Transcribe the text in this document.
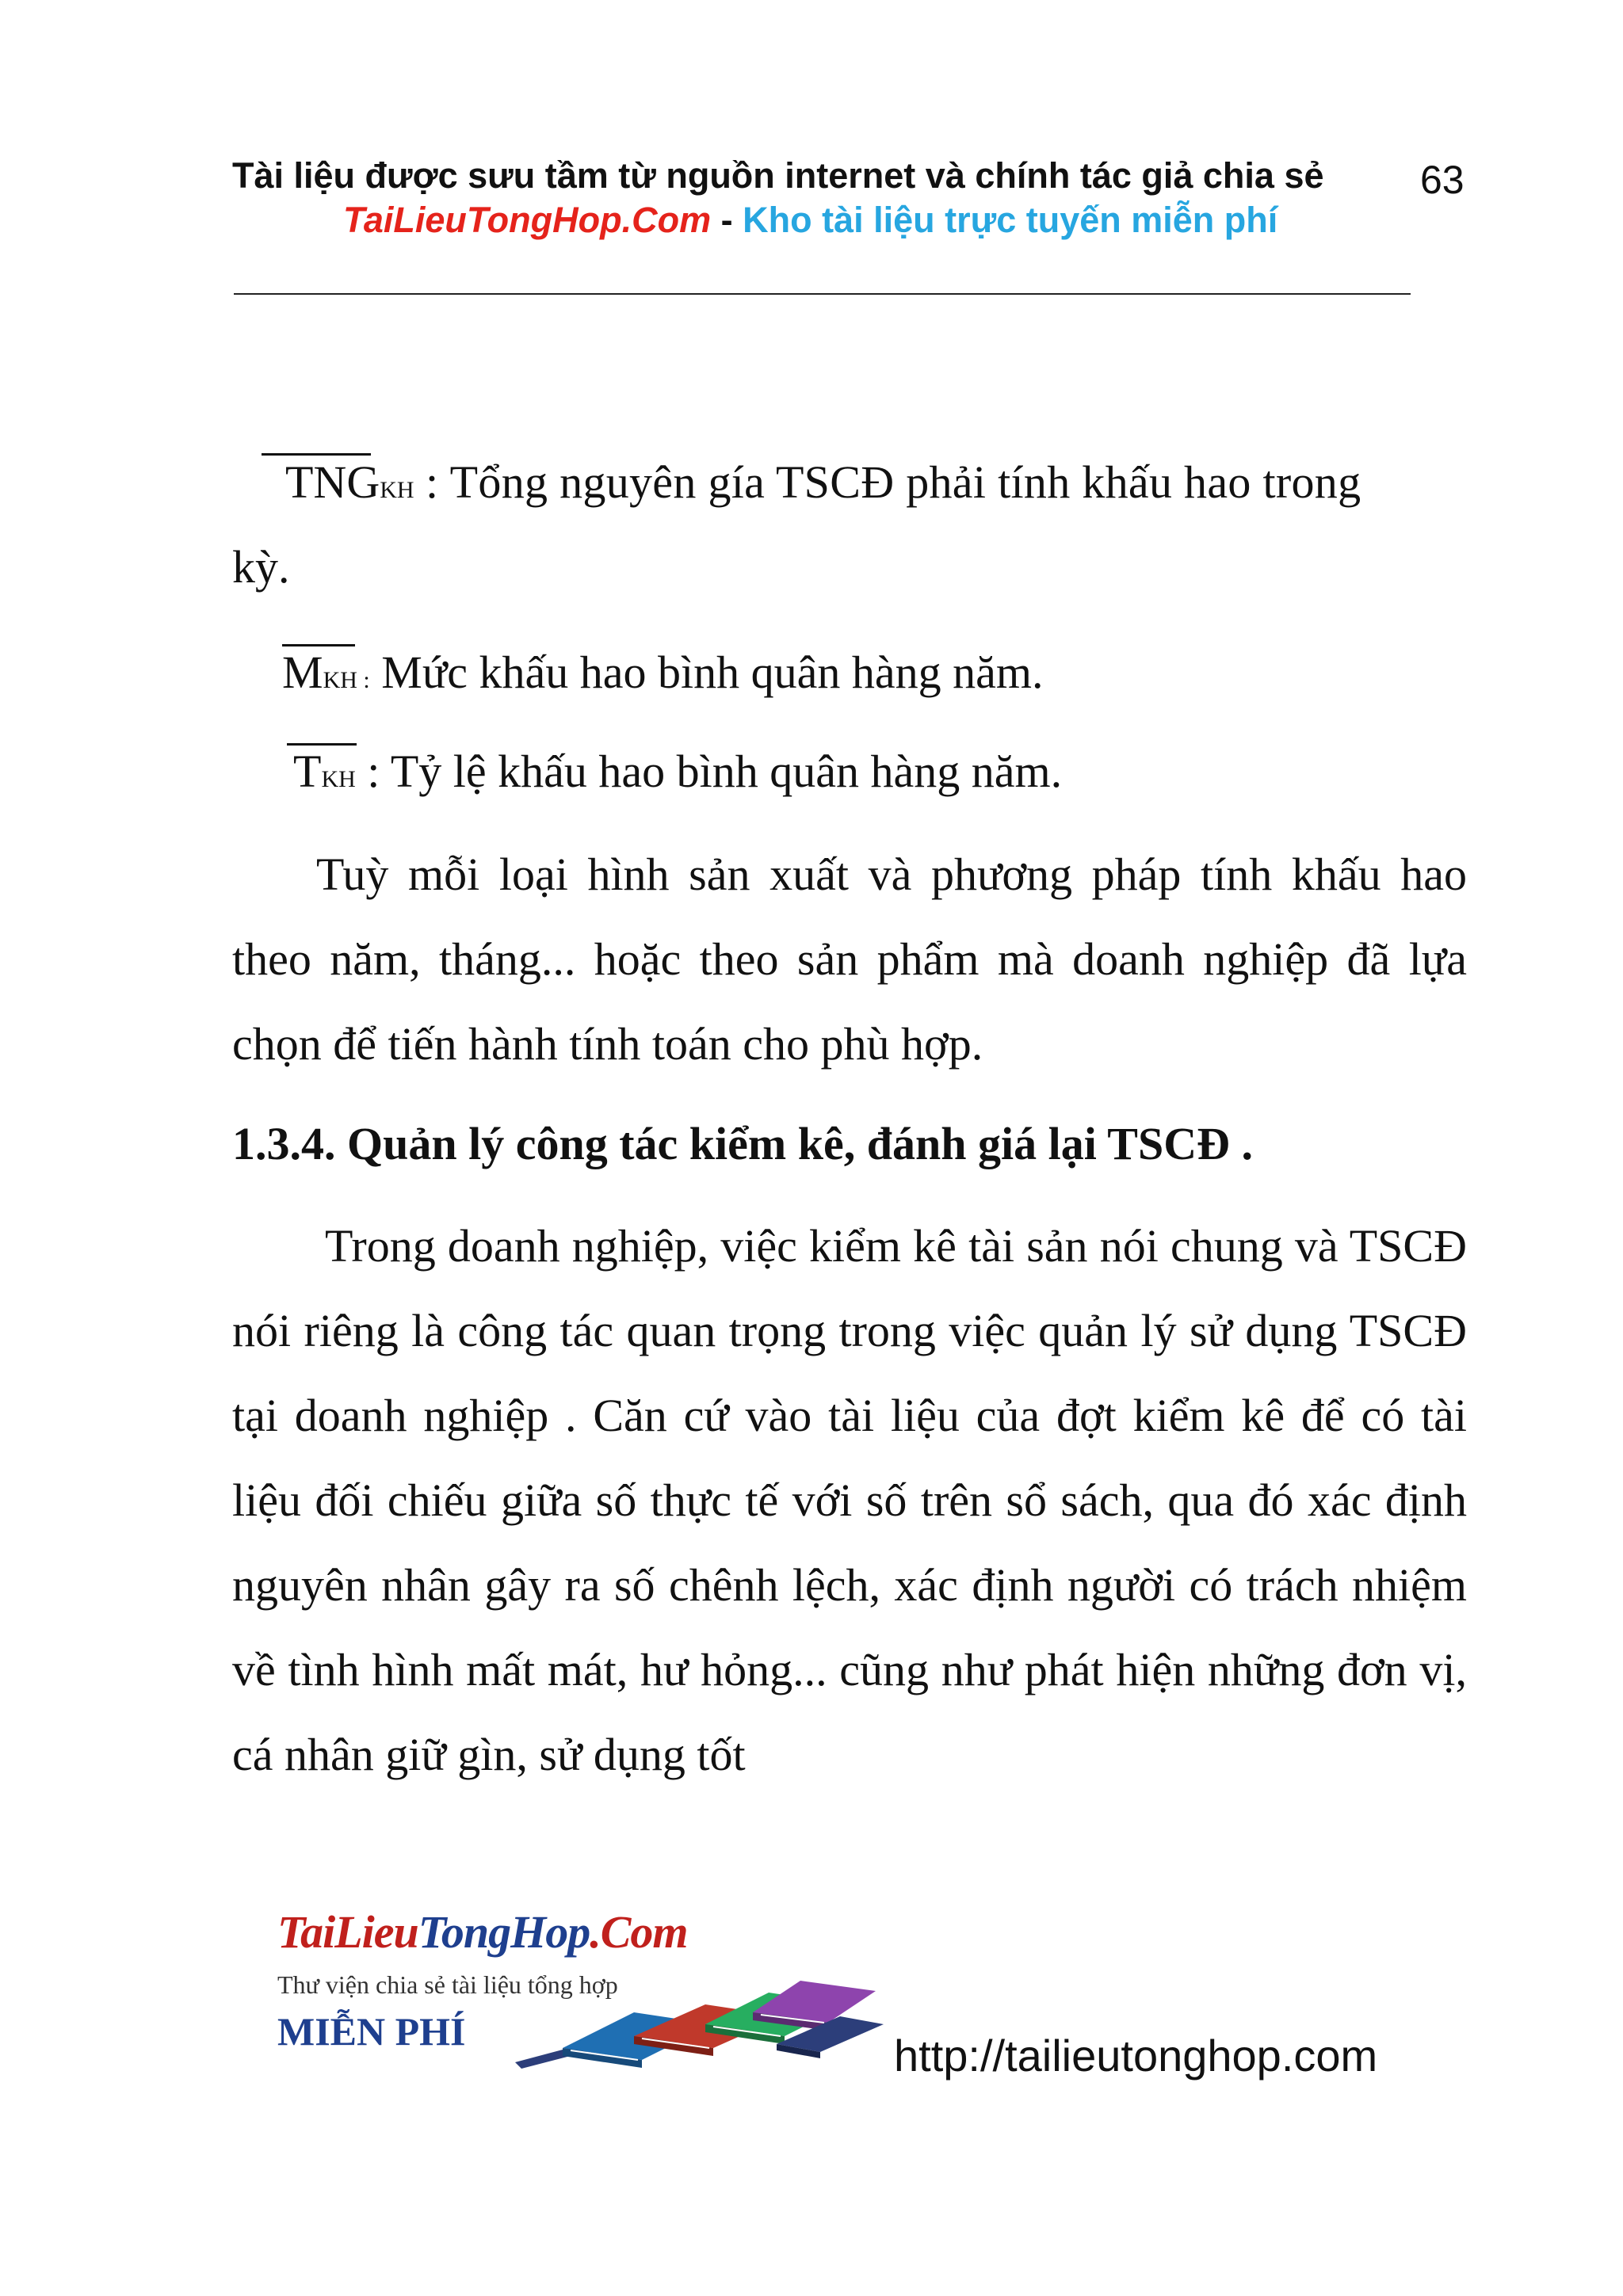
Tài liệu được sưu tầm từ nguồn internet và chính tác giả chia sẻ 63
TaiLieuTongHop.Com - Kho tài liệu trực tuyến miễn phí
TNGKH : Tổng nguyên gía TSCĐ phải tính khấu hao trong
kỳ.
MKH : Mức khấu hao bình quân hàng năm.
TKH : Tỷ lệ khấu hao bình quân hàng năm.

Tuỳ mỗi loại hình sản xuất và phương pháp tính khấu hao theo năm, tháng... hoặc theo sản phẩm mà doanh nghiệp đã lựa chọn để tiến hành tính toán cho phù hợp.

1.3.4. Quản lý công tác kiểm kê, đánh giá lại TSCĐ .

Trong doanh nghiệp, việc kiểm kê tài sản nói chung và TSCĐ nói riêng là công tác quan trọng trong việc quản lý sử dụng TSCĐ tại doanh nghiệp . Căn cứ vào tài liệu của đợt kiểm kê để có tài liệu đối chiếu giữa số thực tế với số trên sổ sách, qua đó xác định nguyên nhân gây ra số chênh lệch, xác định người có trách nhiệm về tình hình mất mát, hư hỏng... cũng như phát hiện những đơn vị, cá nhân giữ gìn, sử dụng tốt

TaiLieuTongHop.Com
Thư viện chia sẻ tài liệu tổng hợp
MIỄN PHÍ	http://tailieutonghop.com
